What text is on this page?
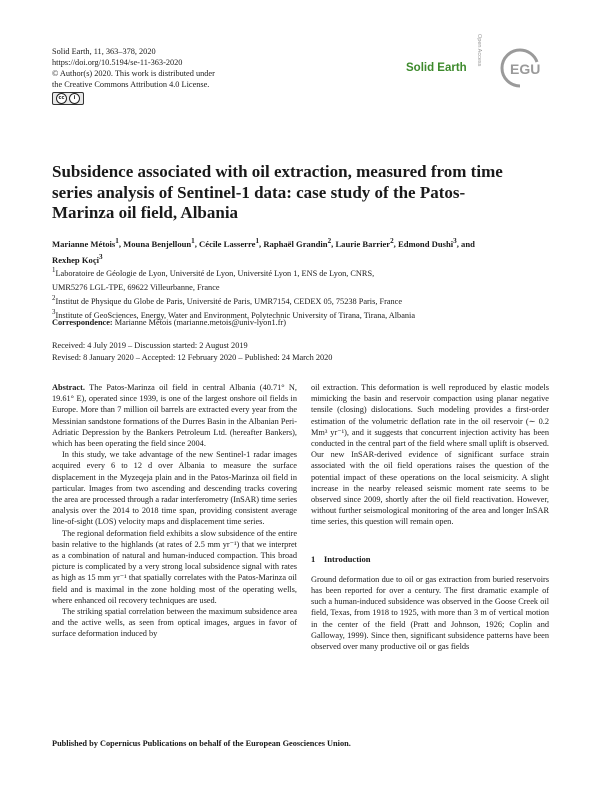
Solid Earth, 11, 363–378, 2020
https://doi.org/10.5194/se-11-363-2020
© Author(s) 2020. This work is distributed under
the Creative Commons Attribution 4.0 License.
cc	i
Solid Earth
Open Access
EGU
Subsidence associated with oil extraction, measured from time series analysis of Sentinel-1 data: case study of the Patos-Marinza oil field, Albania
Marianne Métois$^1$, Mouna Benjelloun$^1$, Cécile Lasserre$^1$, Raphaël Grandin$^2$, Laurie Barrier$^2$, Edmond Dushi$^3$, and
Rexhep Koçi$^3$
$^1$Laboratoire de Géologie de Lyon, Université de Lyon, Université Lyon 1, ENS de Lyon, CNRS,
UMR5276 LGL-TPE, 69622 Villeurbanne, France
$^2$Institut de Physique du Globe de Paris, Université de Paris, UMR7154, CEDEX 05, 75238 Paris, France
$^3$Institute of GeoSciences, Energy, Water and Environment, Polytechnic University of Tirana, Tirana, Albania
Correspondence: Marianne Métois (marianne.metois@univ-lyon1.fr)
Received: 4 July 2019 – Discussion started: 2 August 2019
Revised: 8 January 2020 – Accepted: 12 February 2020 – Published: 24 March 2020

Abstract. The Patos-Marinza oil field in central Albania (40.71° N, 19.61° E), operated since 1939, is one of the largest onshore oil fields in Europe. More than 7 million oil barrels are extracted every year from the Messinian sandstone formations of the Durres Basin in the Albanian Peri-Adriatic Depression by the Bankers Petroleum Ltd. (hereafter Bankers), which has been operating the field since 2004.

In this study, we take advantage of the new Sentinel-1 radar images acquired every 6 to 12 d over Albania to measure the surface displacement in the Myzeqeja plain and in the Patos-Marinza oil field in particular. Images from two ascending and descending tracks covering the area are processed through a radar interferometry (InSAR) time series analysis over the 2014 to 2018 time span, providing consistent average line-of-sight (LOS) velocity maps and displacement time series.

The regional deformation field exhibits a slow subsidence of the entire basin relative to the highlands (at rates of 2.5 mm yr⁻¹) that we interpret as a combination of natural and human-induced compaction. This broad picture is complicated by a very strong local subsidence signal with rates as high as 15 mm yr⁻¹ that spatially correlates with the Patos-Marinza oil field and is maximal in the zone holding most of the operating wells, where enhanced oil recovery techniques are used.

The striking spatial correlation between the maximum subsidence area and the active wells, as seen from optical images, argues in favor of surface deformation induced by

oil extraction. This deformation is well reproduced by elastic models mimicking the basin and reservoir compaction using planar negative tensile (closing) dislocations. Such modeling provides a first-order estimation of the volumetric deflation rate in the oil reservoir (∼ 0.2 Mm³ yr⁻¹), and it suggests that concurrent injection activity has been conducted in the central part of the field where small uplift is observed. Our new InSAR-derived evidence of significant surface strain associated with the oil field operations raises the question of the potential impact of these operations on the local seismicity. A slight increase in the nearby released seismic moment rate seems to be observed since 2009, shortly after the oil field reactivation. However, without further seismological monitoring of the area and longer InSAR time series, this question will remain open.

1 Introduction

Ground deformation due to oil or gas extraction from buried reservoirs has been reported for over a century. The first dramatic example of such a human-induced subsidence was observed in the Goose Creek oil field, Texas, from 1918 to 1925, with more than 3 m of vertical motion in the center of the field (Pratt and Johnson, 1926; Coplin and Galloway, 1999). Since then, significant subsidence patterns have been observed over many productive oil or gas fields

Published by Copernicus Publications on behalf of the European Geosciences Union.
